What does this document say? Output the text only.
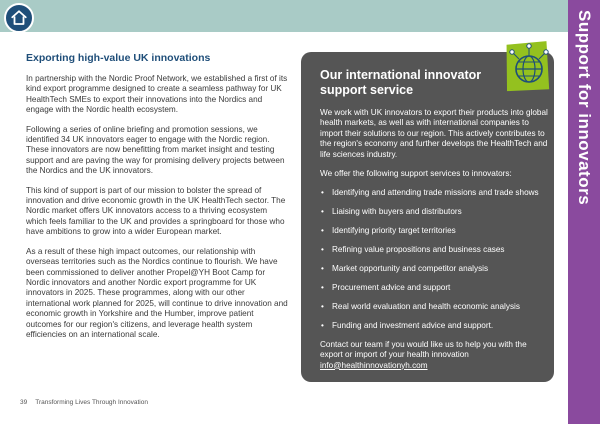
Support for innovators
Exporting high-value UK innovations

In partnership with the Nordic Proof Network, we established a first of its kind export programme designed to create a seamless pathway for UK HealthTech SMEs to export their innovations into the Nordics and engage with the Nordic health ecosystem.

Following a series of online briefing and promotion sessions, we identified 34 UK innovators eager to engage with the Nordic region. These innovators are now benefitting from market insight and testing support and are paving the way for promising delivery projects between the Nordics and the UK innovators.

This kind of support is part of our mission to bolster the spread of innovation and drive economic growth in the UK HealthTech sector. The Nordic market offers UK innovators access to a thriving ecosystem which feels familiar to the UK and provides a springboard for those who have ambitions to grow into a wider European market.

As a result of these high impact outcomes, our relationship with overseas territories such as the Nordics continue to flourish. We have been commissioned to deliver another Propel@YH Boot Camp for Nordic innovators and another Nordic export programme for UK innovators in 2025. These programmes, along with our other international work planned for 2025, will continue to drive innovation and economic growth in Yorkshire and the Humber, improve patient outcomes for our region's citizens, and leverage health system efficiencies on an international scale.

Our international innovator support service

We work with UK innovators to export their products into global health markets, as well as with international companies to import their solutions to our region. This actively contributes to the region's economy and further develops the HealthTech and life sciences industry.

We offer the following support services to innovators:

• Identifying and attending trade missions and trade shows
• Liaising with buyers and distributors
• Identifying priority target territories
• Refining value propositions and business cases
• Market opportunity and competitor analysis
• Procurement advice and support
• Real world evaluation and health economic analysis
• Funding and investment advice and support.

Contact our team if you would like us to help you with the export or import of your health innovation
info@healthinnovationyh.com

39 Transforming Lives Through Innovation
